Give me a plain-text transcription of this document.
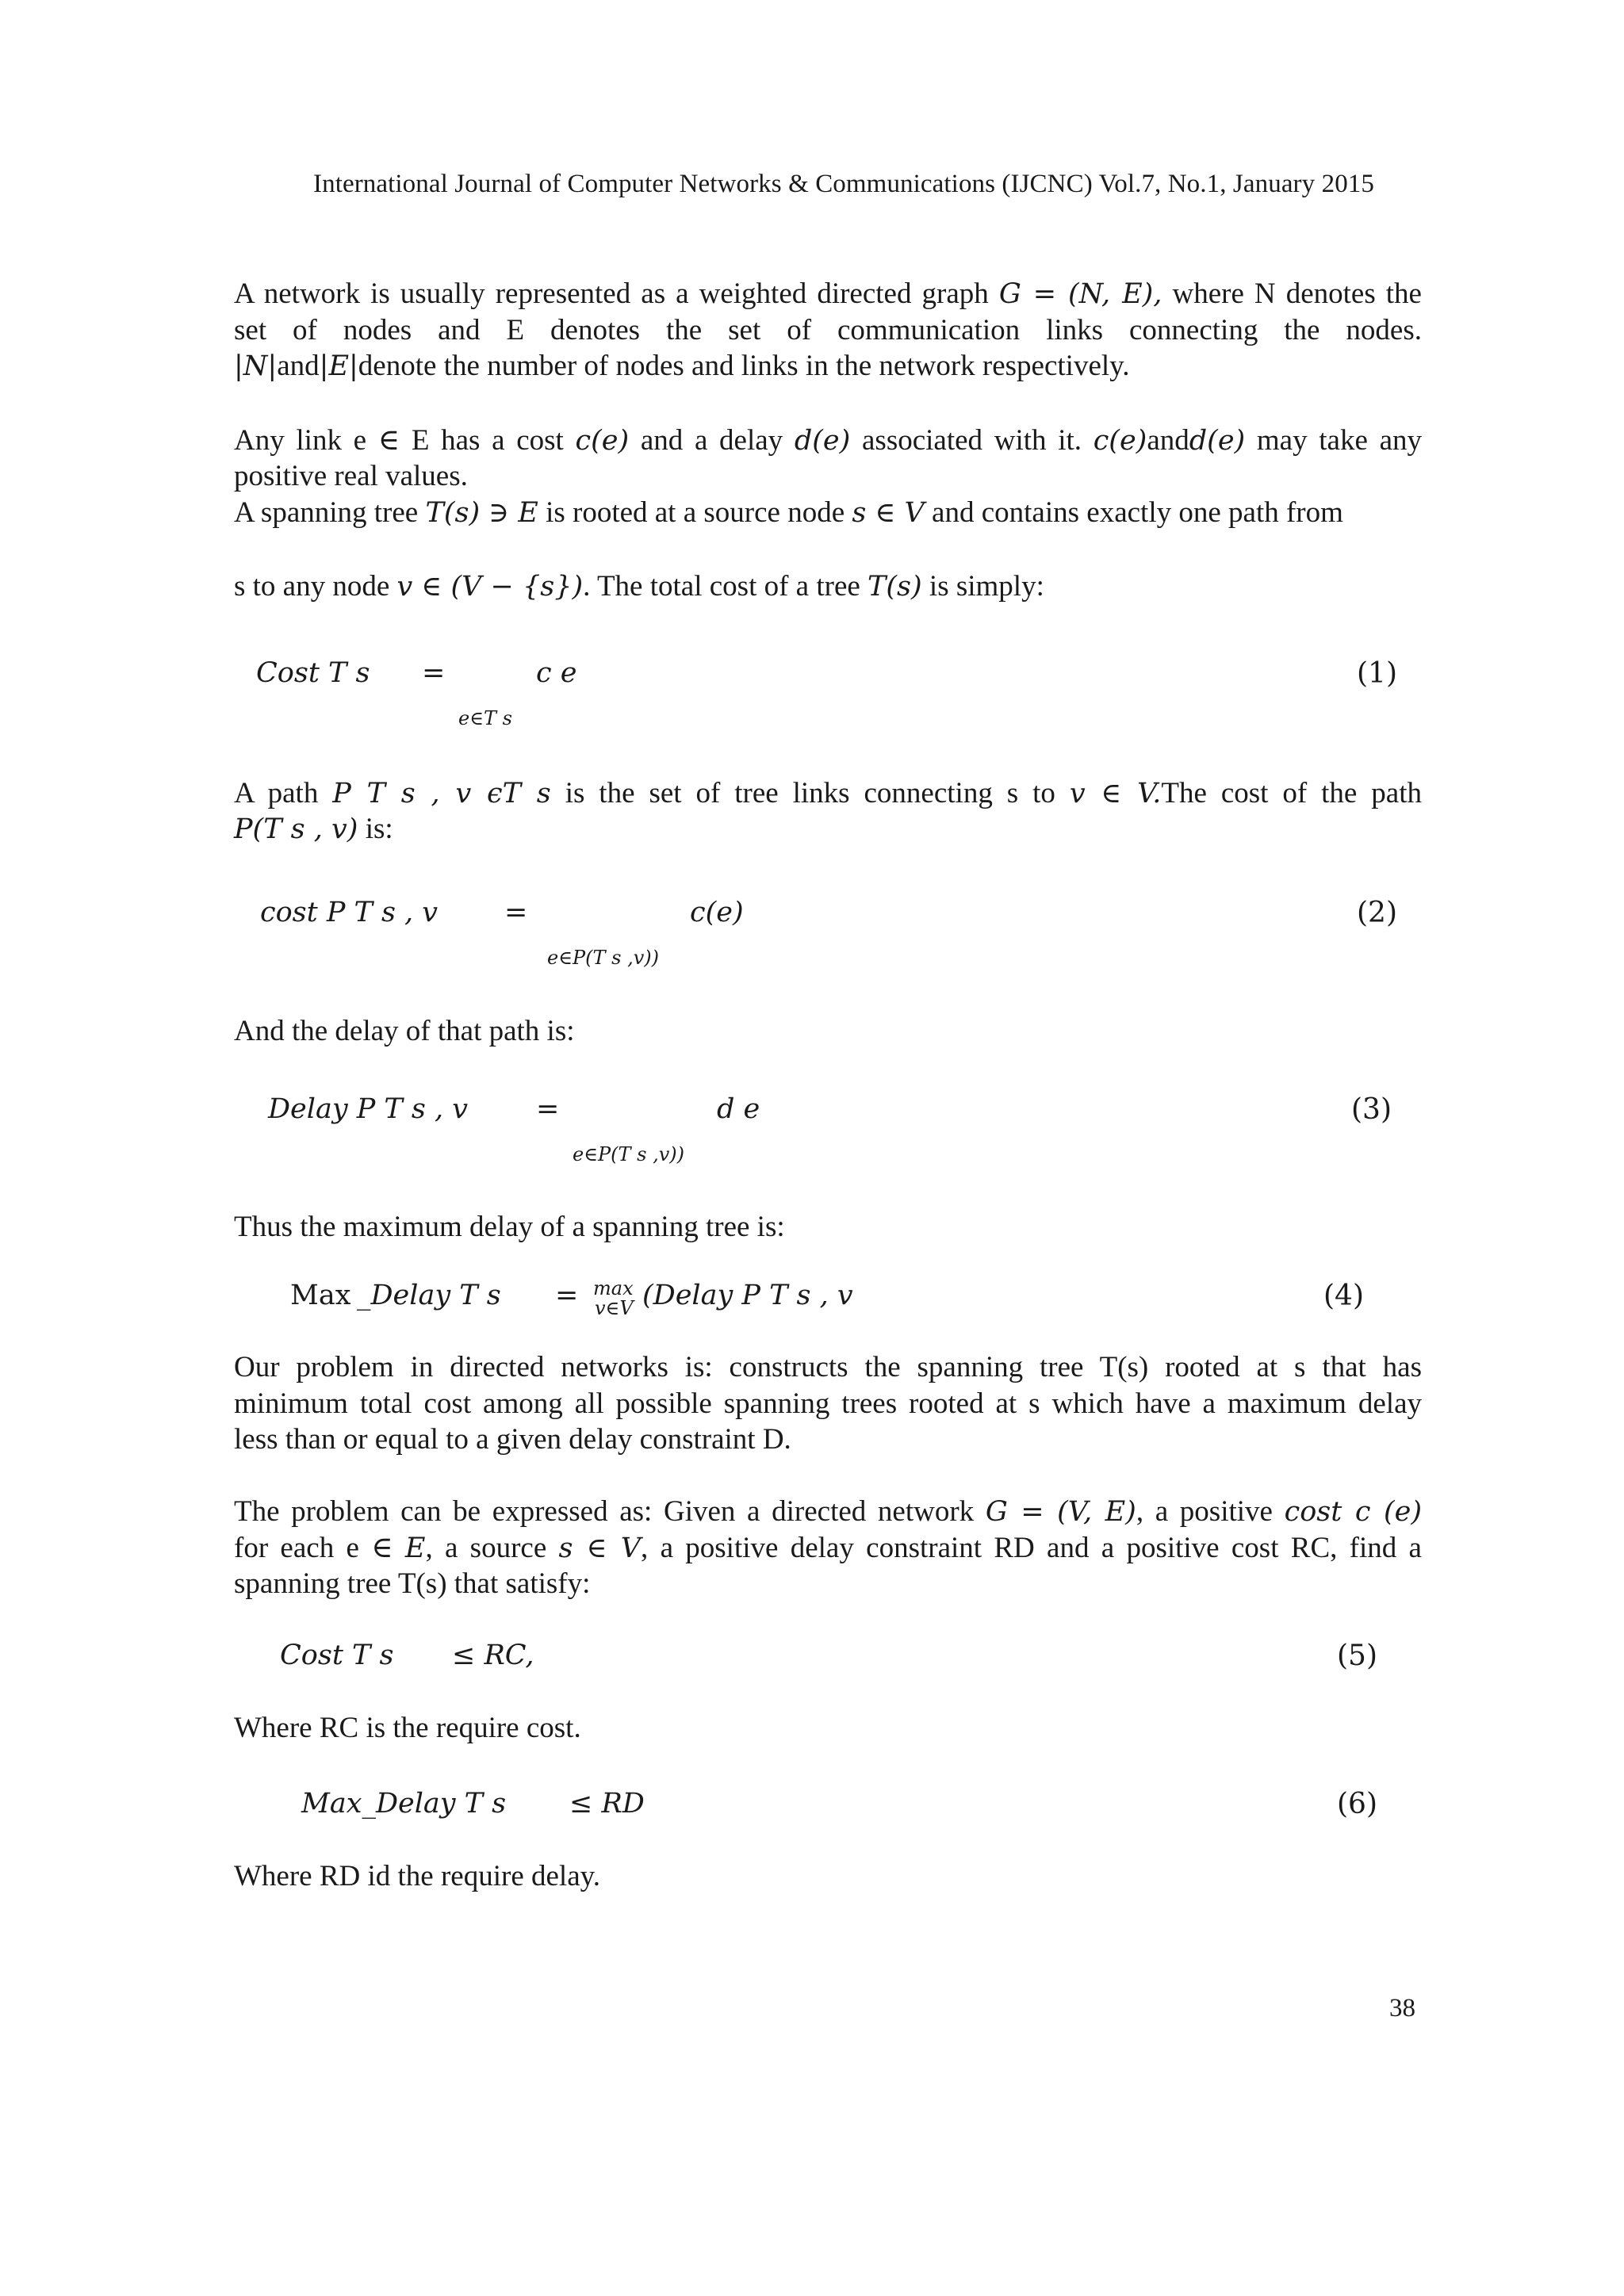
International Journal of Computer Networks & Communications (IJCNC) Vol.7, No.1, January 2015
A network is usually represented as a weighted directed graph G = (N, E), where N denotes the
set of nodes and E denotes the set of communication links connecting the nodes.
|N|and|E|denote the number of nodes and links in the network respectively.
Any link e ∈ E has a cost c(e) and a delay d(e) associated with it. c(e)andd(e) may take any
positive real values.
A spanning tree T(s) ∋ E is rooted at a source node s ∈ V and contains exactly one path from
s to any node v ∈ (V − {s}). The total cost of a tree T(s) is simply:
Cost T s =	c e
e∈T s
(1)
A path P T s , v ϵT s is the set of tree links connecting s to v ∈ V.The cost of the path
P(T s , v) is:
cost P T s , v =	c(e)
e∈P(T s ,v))
(2)
And the delay of that path is:
Delay P T s , v =	d e
e∈P(T s ,v))
(3)
Thus the maximum delay of a spanning tree is:
Max _Delay T s = max
v∈V (Delay P T s , v	(4)
Our problem in directed networks is: constructs the spanning tree T(s) rooted at s that has
minimum total cost among all possible spanning trees rooted at s which have a maximum delay
less than or equal to a given delay constraint D.
The problem can be expressed as: Given a directed network G = (V, E), a positive cost c (e)
for each e ∈ E, a source s ∈ V, a positive delay constraint RD and a positive cost RC, find a
spanning tree T(s) that satisfy:
Cost T s ≤ RC,	(5)
Where RC is the require cost.
Max_Delay T s ≤ RD	(6)
Where RD id the require delay.
38
